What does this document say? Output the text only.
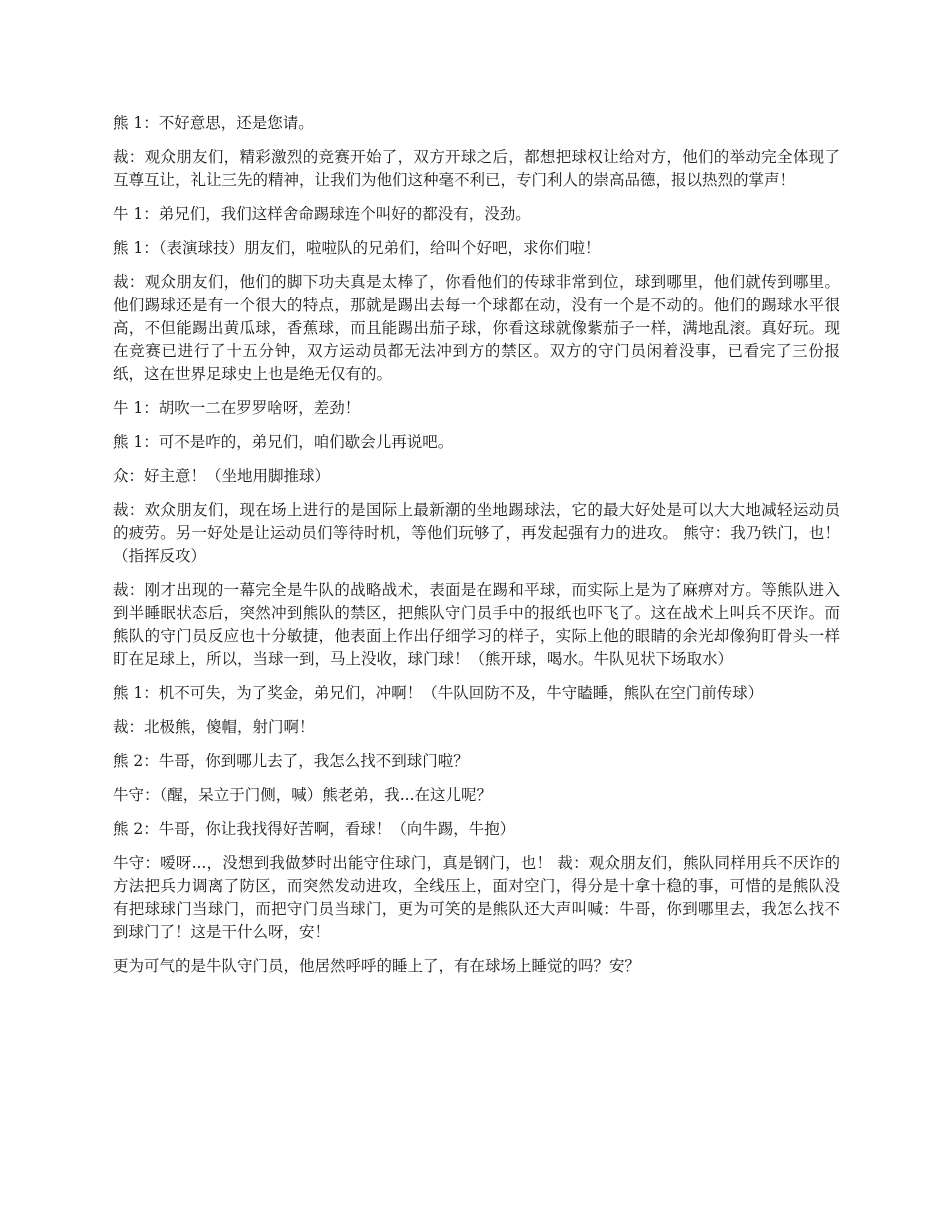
熊 1：不好意思，还是您请。

裁：观众朋友们，精彩激烈的竞赛开始了，双方开球之后，都想把球权让给对方，他们的举动完全体现了互尊互让，礼让三先的精神，让我们为他们这种毫不利已，专门利人的崇高品德，报以热烈的掌声！

牛 1：弟兄们，我们这样舍命踢球连个叫好的都没有，没劲。

熊 1：（表演球技）朋友们，啦啦队的兄弟们，给叫个好吧，求你们啦！

裁：观众朋友们，他们的脚下功夫真是太棒了，你看他们的传球非常到位，球到哪里，他们就传到哪里。他们踢球还是有一个很大的特点，那就是踢出去每一个球都在动，没有一个是不动的。他们的踢球水平很高，不但能踢出黄瓜球，香蕉球，而且能踢出茄子球，你看这球就像紫茄子一样，满地乱滚。真好玩。现在竞赛已进行了十五分钟，双方运动员都无法冲到方的禁区。双方的守门员闲着没事，已看完了三份报纸，这在世界足球史上也是绝无仅有的。

牛 1：胡吹一二在罗罗啥呀，差劲！

熊 1：可不是咋的，弟兄们，咱们歇会儿再说吧。

众：好主意！（坐地用脚推球）

裁：欢众朋友们，现在场上进行的是国际上最新潮的坐地踢球法，它的最大好处是可以大大地减轻运动员的疲劳。另一好处是让运动员们等待时机，等他们玩够了，再发起强有力的进攻。 熊守：我乃铁门，也！（指挥反攻）

裁：刚才出现的一幕完全是牛队的战略战术，表面是在踢和平球，而实际上是为了麻痹对方。等熊队进入到半睡眠状态后，突然冲到熊队的禁区，把熊队守门员手中的报纸也吓飞了。这在战术上叫兵不厌诈。而熊队的守门员反应也十分敏捷，他表面上作出仔细学习的样子，实际上他的眼睛的余光却像狗盯骨头一样盯在足球上，所以，当球一到，马上没收，球门球！（熊开球，喝水。牛队见状下场取水）

熊 1：机不可失，为了奖金，弟兄们，冲啊！（牛队回防不及，牛守瞌睡，熊队在空门前传球）

裁：北极熊，傻帽，射门啊！

熊 2：牛哥，你到哪儿去了，我怎么找不到球门啦？

牛守：（醒，呆立于门侧，喊）熊老弟，我...在这儿呢？

熊 2：牛哥，你让我找得好苦啊，看球！（向牛踢，牛抱）

牛守：嗳呀...，没想到我做梦时出能守住球门，真是钢门，也！ 裁：观众朋友们，熊队同样用兵不厌诈的方法把兵力调离了防区，而突然发动进攻，全线压上，面对空门，得分是十拿十稳的事，可惜的是熊队没有把球球门当球门，而把守门员当球门，更为可笑的是熊队还大声叫喊：牛哥，你到哪里去，我怎么找不到球门了！这是干什么呀，安！

更为可气的是牛队守门员，他居然呼呼的睡上了，有在球场上睡觉的吗？安？
